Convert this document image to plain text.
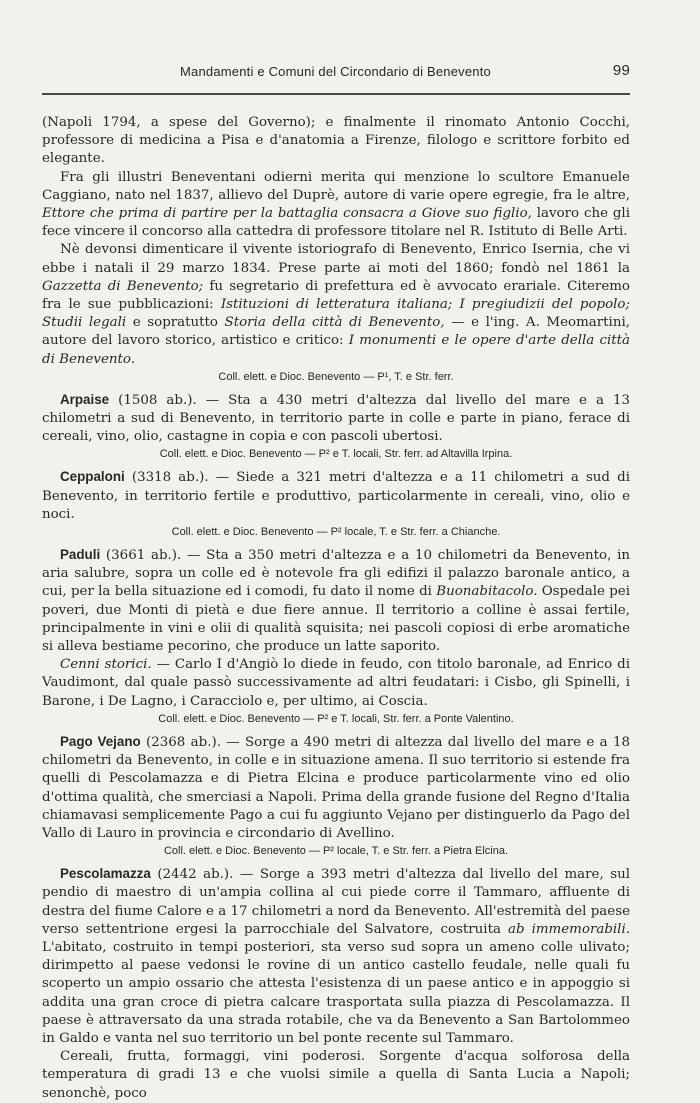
Mandamenti e Comuni del Circondario di Benevento	99

(Napoli 1794, a spese del Governo); e finalmente il rinomato Antonio Cocchi, professore di medicina a Pisa e d'anatomia a Firenze, filologo e scrittore forbito ed elegante.

Fra gli illustri Beneventani odierni merita qui menzione lo scultore Emanuele Caggiano, nato nel 1837, allievo del Duprè, autore di varie opere egregie, fra le altre, Ettore che prima di partire per la battaglia consacra a Giove suo figlio, lavoro che gli fece vincere il concorso alla cattedra di professore titolare nel R. Istituto di Belle Arti.

Nè devonsi dimenticare il vivente istoriografo di Benevento, Enrico Isernia, che vi ebbe i natali il 29 marzo 1834. Prese parte ai moti del 1860; fondò nel 1861 la Gazzetta di Benevento; fu segretario di prefettura ed è avvocato erariale. Citeremo fra le sue pubblicazioni: Istituzioni di letteratura italiana; I pregiudizii del popolo; Studii legali e sopratutto Storia della città di Benevento, — e l'ing. A. Meomartini, autore del lavoro storico, artistico e critico: I monumenti e le opere d'arte della città di Benevento.

Coll. elett. e Dioc. Benevento — P¹, T. e Str. ferr.

Arpaise (1508 ab.). — Sta a 430 metri d'altezza dal livello del mare e a 13 chilometri a sud di Benevento, in territorio parte in colle e parte in piano, ferace di cereali, vino, olio, castagne in copia e con pascoli ubertosi.

Coll. elett. e Dioc. Benevento — P² e T. locali, Str. ferr. ad Altavilla Irpina.

Ceppaloni (3318 ab.). — Siede a 321 metri d'altezza e a 11 chilometri a sud di Benevento, in territorio fertile e produttivo, particolarmente in cereali, vino, olio e noci.

Coll. elett. e Dioc. Benevento — P² locale, T. e Str. ferr. a Chianche.

Paduli (3661 ab.). — Sta a 350 metri d'altezza e a 10 chilometri da Benevento, in aria salubre, sopra un colle ed è notevole fra gli edifizi il palazzo baronale antico, a cui, per la bella situazione ed i comodi, fu dato il nome di Buonabitacolo. Ospedale pei poveri, due Monti di pietà e due fiere annue. Il territorio a colline è assai fertile, principalmente in vini e olii di qualità squisita; nei pascoli copiosi di erbe aromatiche si alleva bestiame pecorino, che produce un latte saporito.

Cenni storici. — Carlo I d'Angiò lo diede in feudo, con titolo baronale, ad Enrico di Vaudimont, dal quale passò successivamente ad altri feudatari: i Cisbo, gli Spinelli, i Barone, i De Lagno, i Caracciolo e, per ultimo, ai Coscia.

Coll. elett. e Dioc. Benevento — P² e T. locali, Str. ferr. a Ponte Valentino.

Pago Vejano (2368 ab.). — Sorge a 490 metri di altezza dal livello del mare e a 18 chilometri da Benevento, in colle e in situazione amena. Il suo territorio si estende fra quelli di Pescolamazza e di Pietra Elcina e produce particolarmente vino ed olio d'ottima qualità, che smerciasi a Napoli. Prima della grande fusione del Regno d'Italia chiamavasi semplicemente Pago a cui fu aggiunto Vejano per distinguerlo da Pago del Vallo di Lauro in provincia e circondario di Avellino.

Coll. elett. e Dioc. Benevento — P² locale, T. e Str. ferr. a Pietra Elcina.

Pescolamazza (2442 ab.). — Sorge a 393 metri d'altezza dal livello del mare, sul pendio di maestro di un'ampia collina al cui piede corre il Tammaro, affluente di destra del fiume Calore e a 17 chilometri a nord da Benevento. All'estremità del paese verso settentrione ergesi la parrocchiale del Salvatore, costruita ab immemorabili. L'abitato, costruito in tempi posteriori, sta verso sud sopra un ameno colle ulivato; dirimpetto al paese vedonsi le rovine di un antico castello feudale, nelle quali fu scoperto un ampio ossario che attesta l'esistenza di un paese antico e in appoggio si addita una gran croce di pietra calcare trasportata sulla piazza di Pescolamazza. Il paese è attraversato da una strada rotabile, che va da Benevento a San Bartolommeo in Galdo e vanta nel suo territorio un bel ponte recente sul Tammaro.

Cereali, frutta, formaggi, vini poderosi. Sorgente d'acqua solforosa della temperatura di gradi 13 e che vuolsi simile a quella di Santa Lucia a Napoli; senonchè, poco
